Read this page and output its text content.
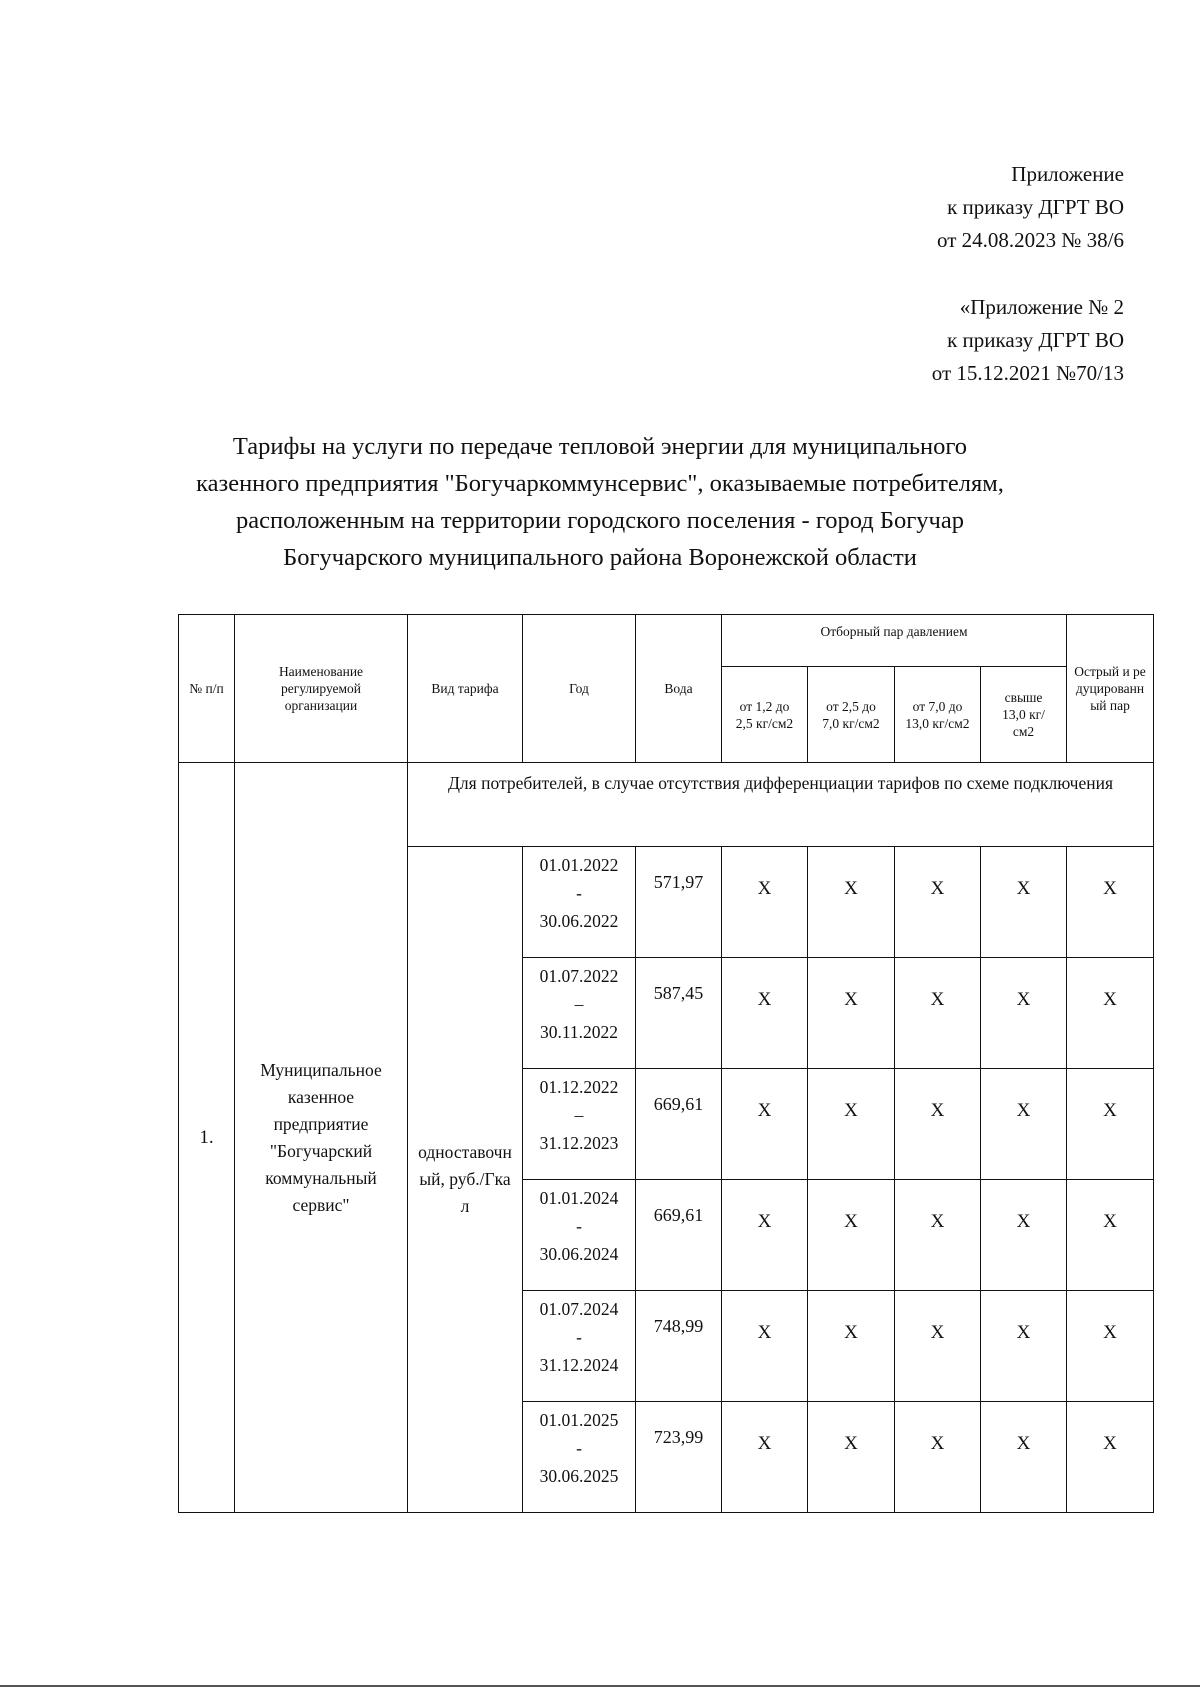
Приложение
к приказу ДГРТ ВО
от 24.08.2023 № 38/6
«Приложение № 2
к приказу ДГРТ ВО
от 15.12.2021 №70/13
Тарифы на услуги по передаче тепловой энергии для муниципального
казенного предприятия "Богучаркоммунсервис", оказываемые потребителям,
расположенным на территории городского поселения - город Богучар
Богучарского муниципального района Воронежской области
№ п/п	Наименование регулируемой организации	Вид тарифа	Год	Вода	Отборный пар давлением				Острый и редуцированный пар
					от 1,2 до 2,5 кг/см2	от 2,5 до 7,0 кг/см2	от 7,0 до 13,0 кг/см2	свыше 13,0 кг/см2	
1.	Муниципальное казенное предприятие "Богучарский коммунальный сервис"	Для потребителей, в случае отсутствия дифференциации тарифов по схеме подключения							
		одноставочный, руб./Гкал	01.01.2022
-
30.06.2022	571,97	Х	Х	Х	Х	Х

			01.07.2022
–
30.11.2022	587,45	Х	Х	Х	Х	Х

			01.12.2022
–
31.12.2023	669,61	Х	Х	Х	Х	Х

			01.01.2024
-
30.06.2024	669,61	Х	Х	Х	Х	Х

			01.07.2024
-
31.12.2024	748,99	Х	Х	Х	Х	Х

			01.01.2025
-
30.06.2025	723,99	Х	Х	Х	Х	Х
